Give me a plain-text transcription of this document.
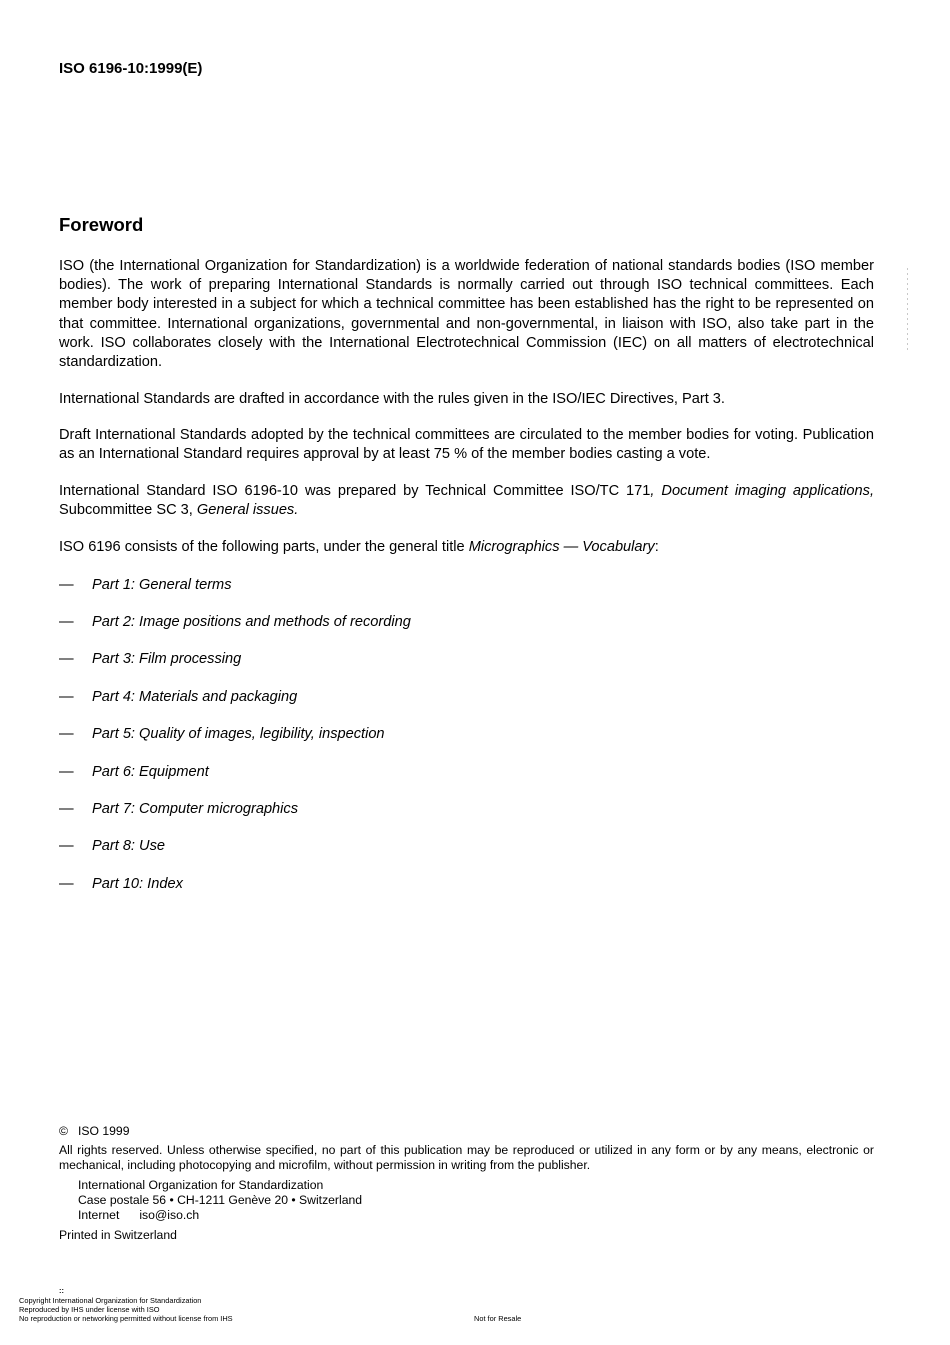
ISO 6196-10:1999(E)
Foreword

ISO (the International Organization for Standardization) is a worldwide federation of national standards bodies (ISO member bodies). The work of preparing International Standards is normally carried out through ISO technical committees. Each member body interested in a subject for which a technical committee has been established has the right to be represented on that committee. International organizations, governmental and non-governmental, in liaison with ISO, also take part in the work. ISO collaborates closely with the International Electrotechnical Commission (IEC) on all matters of electrotechnical standardization.

International Standards are drafted in accordance with the rules given in the ISO/IEC Directives, Part 3.

Draft International Standards adopted by the technical committees are circulated to the member bodies for voting. Publication as an International Standard requires approval by at least 75 % of the member bodies casting a vote.

International Standard ISO 6196-10 was prepared by Technical Committee ISO/TC 171, Document imaging applications, Subcommittee SC 3, General issues.

ISO 6196 consists of the following parts, under the general title Micrographics — Vocabulary:

— Part 1: General terms
— Part 2: Image positions and methods of recording
— Part 3: Film processing
— Part 4: Materials and packaging
— Part 5: Quality of images, legibility, inspection
— Part 6: Equipment
— Part 7: Computer micrographics
— Part 8: Use
— Part 10: Index
© ISO 1999

All rights reserved. Unless otherwise specified, no part of this publication may be reproduced or utilized in any form or by any means, electronic or mechanical, including photocopying and microfilm, without permission in writing from the publisher.

International Organization for Standardization
Case postale 56 • CH-1211 Genève 20 • Switzerland
Internet iso@iso.ch
Printed in Switzerland
::
Copyright International Organization for Standardization
Reproduced by IHS under license with ISO
No reproduction or networking permitted without license from IHS	Not for Resale
